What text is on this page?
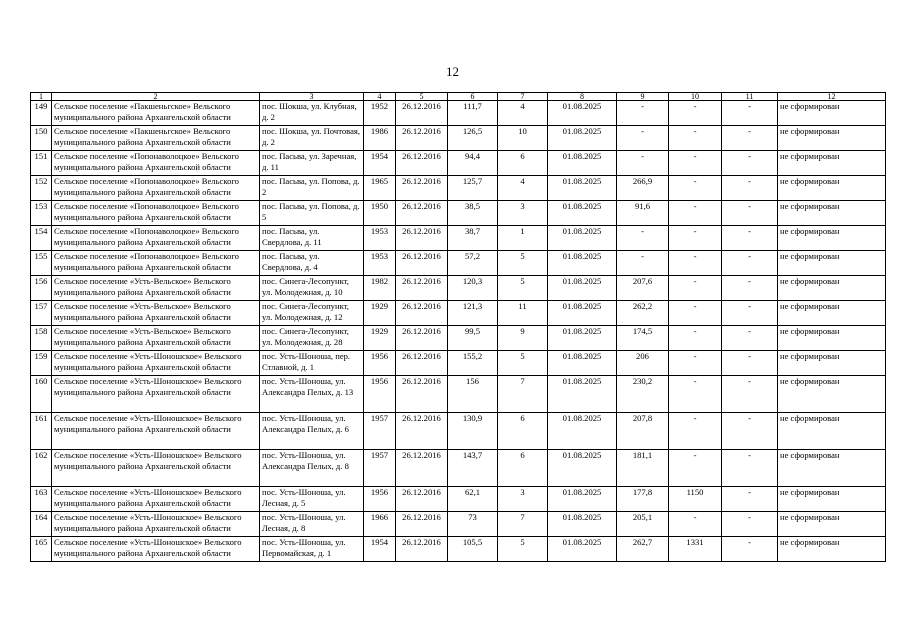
12
1	2	3	4	5	6	7	8	9	10	11	12
149	Сельское поселение «Пакшеньгское» Вельского муниципального района Архангельской области	пос. Шокша, ул. Клубная, д. 2	1952	26.12.2016	111,7	4	01.08.2025	-	-	-	не сформирован
150	Сельское поселение «Пакшеньгское» Вельского муниципального района Архангельской области	пос. Шокша, ул. Почтовая, д. 2	1986	26.12.2016	126,5	10	01.08.2025	-	-	-	не сформирован
151	Сельское поселение «Попонаволоцкое» Вельского муниципального района Архангельской области	пос. Пасьва, ул. Заречная, д. 11	1954	26.12.2016	94,4	6	01.08.2025	-	-	-	не сформирован
152	Сельское поселение «Попонаволоцкое» Вельского муниципального района Архангельской области	пос. Пасьва, ул. Попова, д. 2	1965	26.12.2016	125,7	4	01.08.2025	266,9	-	-	не сформирован
153	Сельское поселение «Попонаволоцкое» Вельского муниципального района Архангельской области	пос. Пасьва, ул. Попова, д. 5	1950	26.12.2016	38,5	3	01.08.2025	91,6	-	-	не сформирован
154	Сельское поселение «Попонаволоцкое» Вельского муниципального района Архангельской области	пос. Пасьва, ул. Свердлова, д. 11	1953	26.12.2016	38,7	1	01.08.2025	-	-	-	не сформирован
155	Сельское поселение «Попонаволоцкое» Вельского муниципального района Архангельской области	пос. Пасьва, ул. Свердлова, д. 4	1953	26.12.2016	57,2	5	01.08.2025	-	-	-	не сформирован
156	Сельское поселение «Усть-Вельское» Вельского муниципального района Архангельской области	пос. Синега-Лесопункт, ул. Молодежная, д. 10	1982	26.12.2016	120,3	5	01.08.2025	207,6	-	-	не сформирован
157	Сельское поселение «Усть-Вельское» Вельского муниципального района Архангельской области	пос. Синега-Лесопункт, ул. Молодежная, д. 12	1929	26.12.2016	121,3	11	01.08.2025	262,2	-	-	не сформирован
158	Сельское поселение «Усть-Вельское» Вельского муниципального района Архангельской области	пос. Синега-Лесопункт, ул. Молодежная, д. 28	1929	26.12.2016	99,5	9	01.08.2025	174,5	-	-	не сформирован
159	Сельское поселение «Усть-Шоношское» Вельского муниципального района Архангельской области	пос. Усть-Шоноша, пер. Стлавной, д. 1	1956	26.12.2016	155,2	5	01.08.2025	206	-	-	не сформирован
160	Сельское поселение «Усть-Шоношское» Вельского муниципального района Архангельской области	пос. Усть-Шоноша, ул. Александра Пелых, д. 13	1956	26.12.2016	156	7	01.08.2025	230,2	-	-	не сформирован
161	Сельское поселение «Усть-Шоношское» Вельского муниципального района Архангельской области	пос. Усть-Шоноша, ул. Александра Пелых, д. 6	1957	26.12.2016	130,9	6	01.08.2025	207,8	-	-	не сформирован
162	Сельское поселение «Усть-Шоношское» Вельского муниципального района Архангельской области	пос. Усть-Шоноша, ул. Александра Пелых, д. 8	1957	26.12.2016	143,7	6	01.08.2025	181,1	-	-	не сформирован
163	Сельское поселение «Усть-Шоношское» Вельского муниципального района Архангельской области	пос. Усть-Шоноша, ул. Лесная, д. 5	1956	26.12.2016	62,1	3	01.08.2025	177,8	1150	-	не сформирован
164	Сельское поселение «Усть-Шоношское» Вельского муниципального района Архангельской области	пос. Усть-Шоноша, ул. Лесная, д. 8	1966	26.12.2016	73	7	01.08.2025	205,1	-	-	не сформирован
165	Сельское поселение «Усть-Шоношское» Вельского муниципального района Архангельской области	пос. Усть-Шоноша, ул. Первомайская, д. 1	1954	26.12.2016	105,5	5	01.08.2025	262,7	1331	-	не сформирован
